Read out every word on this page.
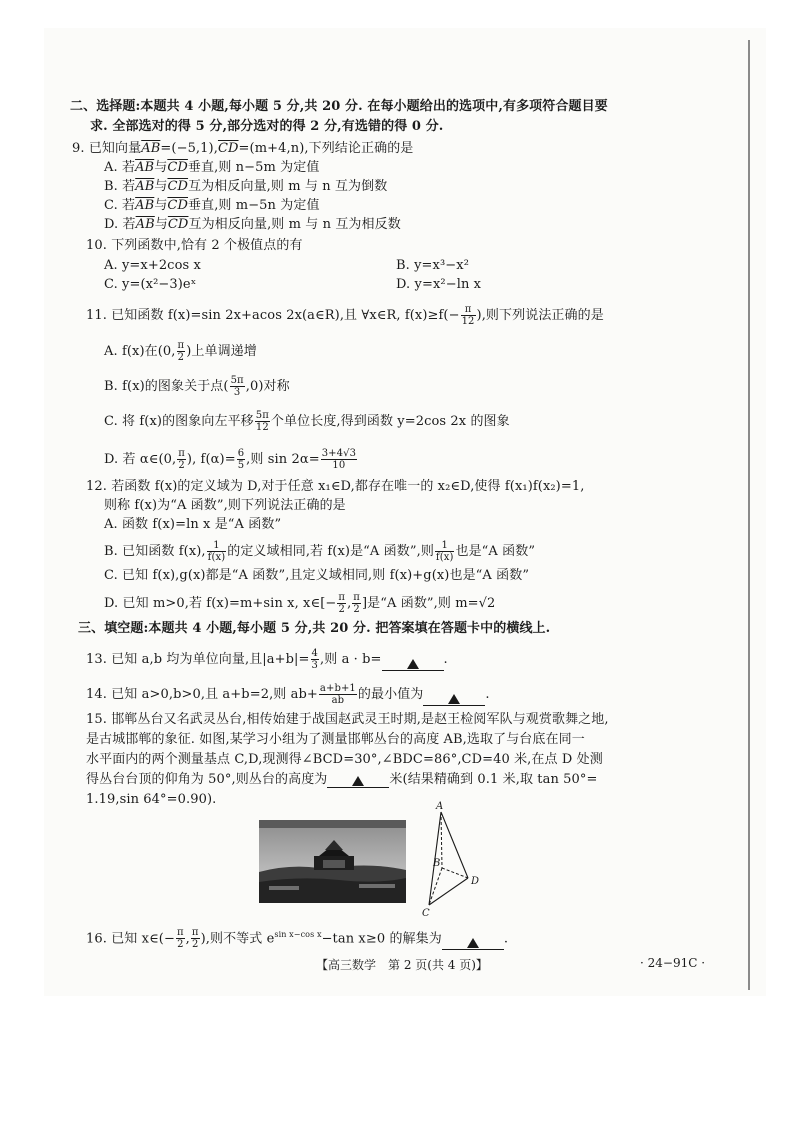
二、选择题:本题共 4 小题,每小题 5 分,共 20 分. 在每小题给出的选项中,有多项符合题目要
求. 全部选对的得 5 分,部分选对的得 2 分,有选错的得 0 分.
9. 已知向量$\overline{AB}=(-5,1),\overline{CD}=(m+4,n)$,下列结论正确的是
A. 若$\overline{AB}$与$\overline{CD}$垂直,则 n−5m 为定值
B. 若$\overline{AB}$与$\overline{CD}$互为相反向量,则 m 与 n 互为倒数
C. 若$\overline{AB}$与$\overline{CD}$垂直,则 m−5n 为定值
D. 若$\overline{AB}$与$\overline{CD}$互为相反向量,则 m 与 n 互为相反数
10. 下列函数中,恰有 2 个极值点的有
A. y=x+2cos x	B. y=x³−x²
C. y=(x²−3)eˣ	D. y=x²−ln x
11. 已知函数 f(x)=sin 2x+acos 2x(a∈R),且 ∀x∈R, $f(x)\ge f(- \frac{\pi}{12}$ ),则下列说法正确的是
A. f(x)在(0, $\frac{\pi}{2}$ )上单调递增
B. f(x)的图象关于点( $\frac{5\pi}{3} ,0$)对称
C. 将 f(x)的图象向左平移 $\frac{5\pi}{12}$ 个单位长度,得到函数 y=2cos 2x 的图象
D. 若 α∈(0, $\frac{\pi}{2}$ ), $f(\alpha)= \frac{6}{5}$ ,则 $\sin 2\alpha= \frac{3+4√3}{10}$
12. 若函数 f(x)的定义域为 D,对于任意 x₁∈D,都存在唯一的 x₂∈D,使得 f(x₁)f(x₂)=1,
则称 f(x)为“A 函数”,则下列说法正确的是
A. 函数 f(x)=ln x 是“A 函数”
B. 已知函数 f(x), $\frac{1}{f(x)}$ 的定义域相同,若 f(x)是“A 函数”,则 $\frac{1}{f(x)}$ 也是“A 函数”
C. 已知 f(x),g(x)都是“A 函数”,且定义域相同,则 f(x)+g(x)也是“A 函数”
D. 已知 m>0,若 f(x)=m+sin x, x∈[− $\frac{\pi}{2}$ , $\frac{\pi}{2}$ ]是“A 函数”,则 m=√2
三、填空题:本题共 4 小题,每小题 5 分,共 20 分. 把答案填在答题卡中的横线上.
13. 已知 a,b 均为单位向量,且$|a+b|= \frac{4}{3}$ ,则 a · b=	.
14. 已知 a>0,b>0,且 a+b=2,则 $ab+ \frac{a+b+1}{ab}$ 的最小值为	.
15. 邯郸丛台又名武灵丛台,相传始建于战国赵武灵王时期,是赵王检阅军队与观赏歌舞之地,
是古城邯郸的象征. 如图,某学习小组为了测量邯郸丛台的高度 AB,选取了与台底在同一
水平面内的两个测量基点 C,D,现测得∠BCD=30°,∠BDC=86°,CD=40 米,在点 D 处测
得丛台台顶的仰角为 50°,则丛台的高度为	米(结果精确到 0.1 米,取 tan 50°=
1.19,sin 64°=0.90).	A
B
C
D
16. 已知 x∈(− $\frac{\pi}{2}$ , $\frac{\pi}{2}$ ),则不等式 $e^{sin x-cos x}-\tan$ x≥0 的解集为	.
【高三数学　第 2 页(共 4 页)】	· 24−91C ·
